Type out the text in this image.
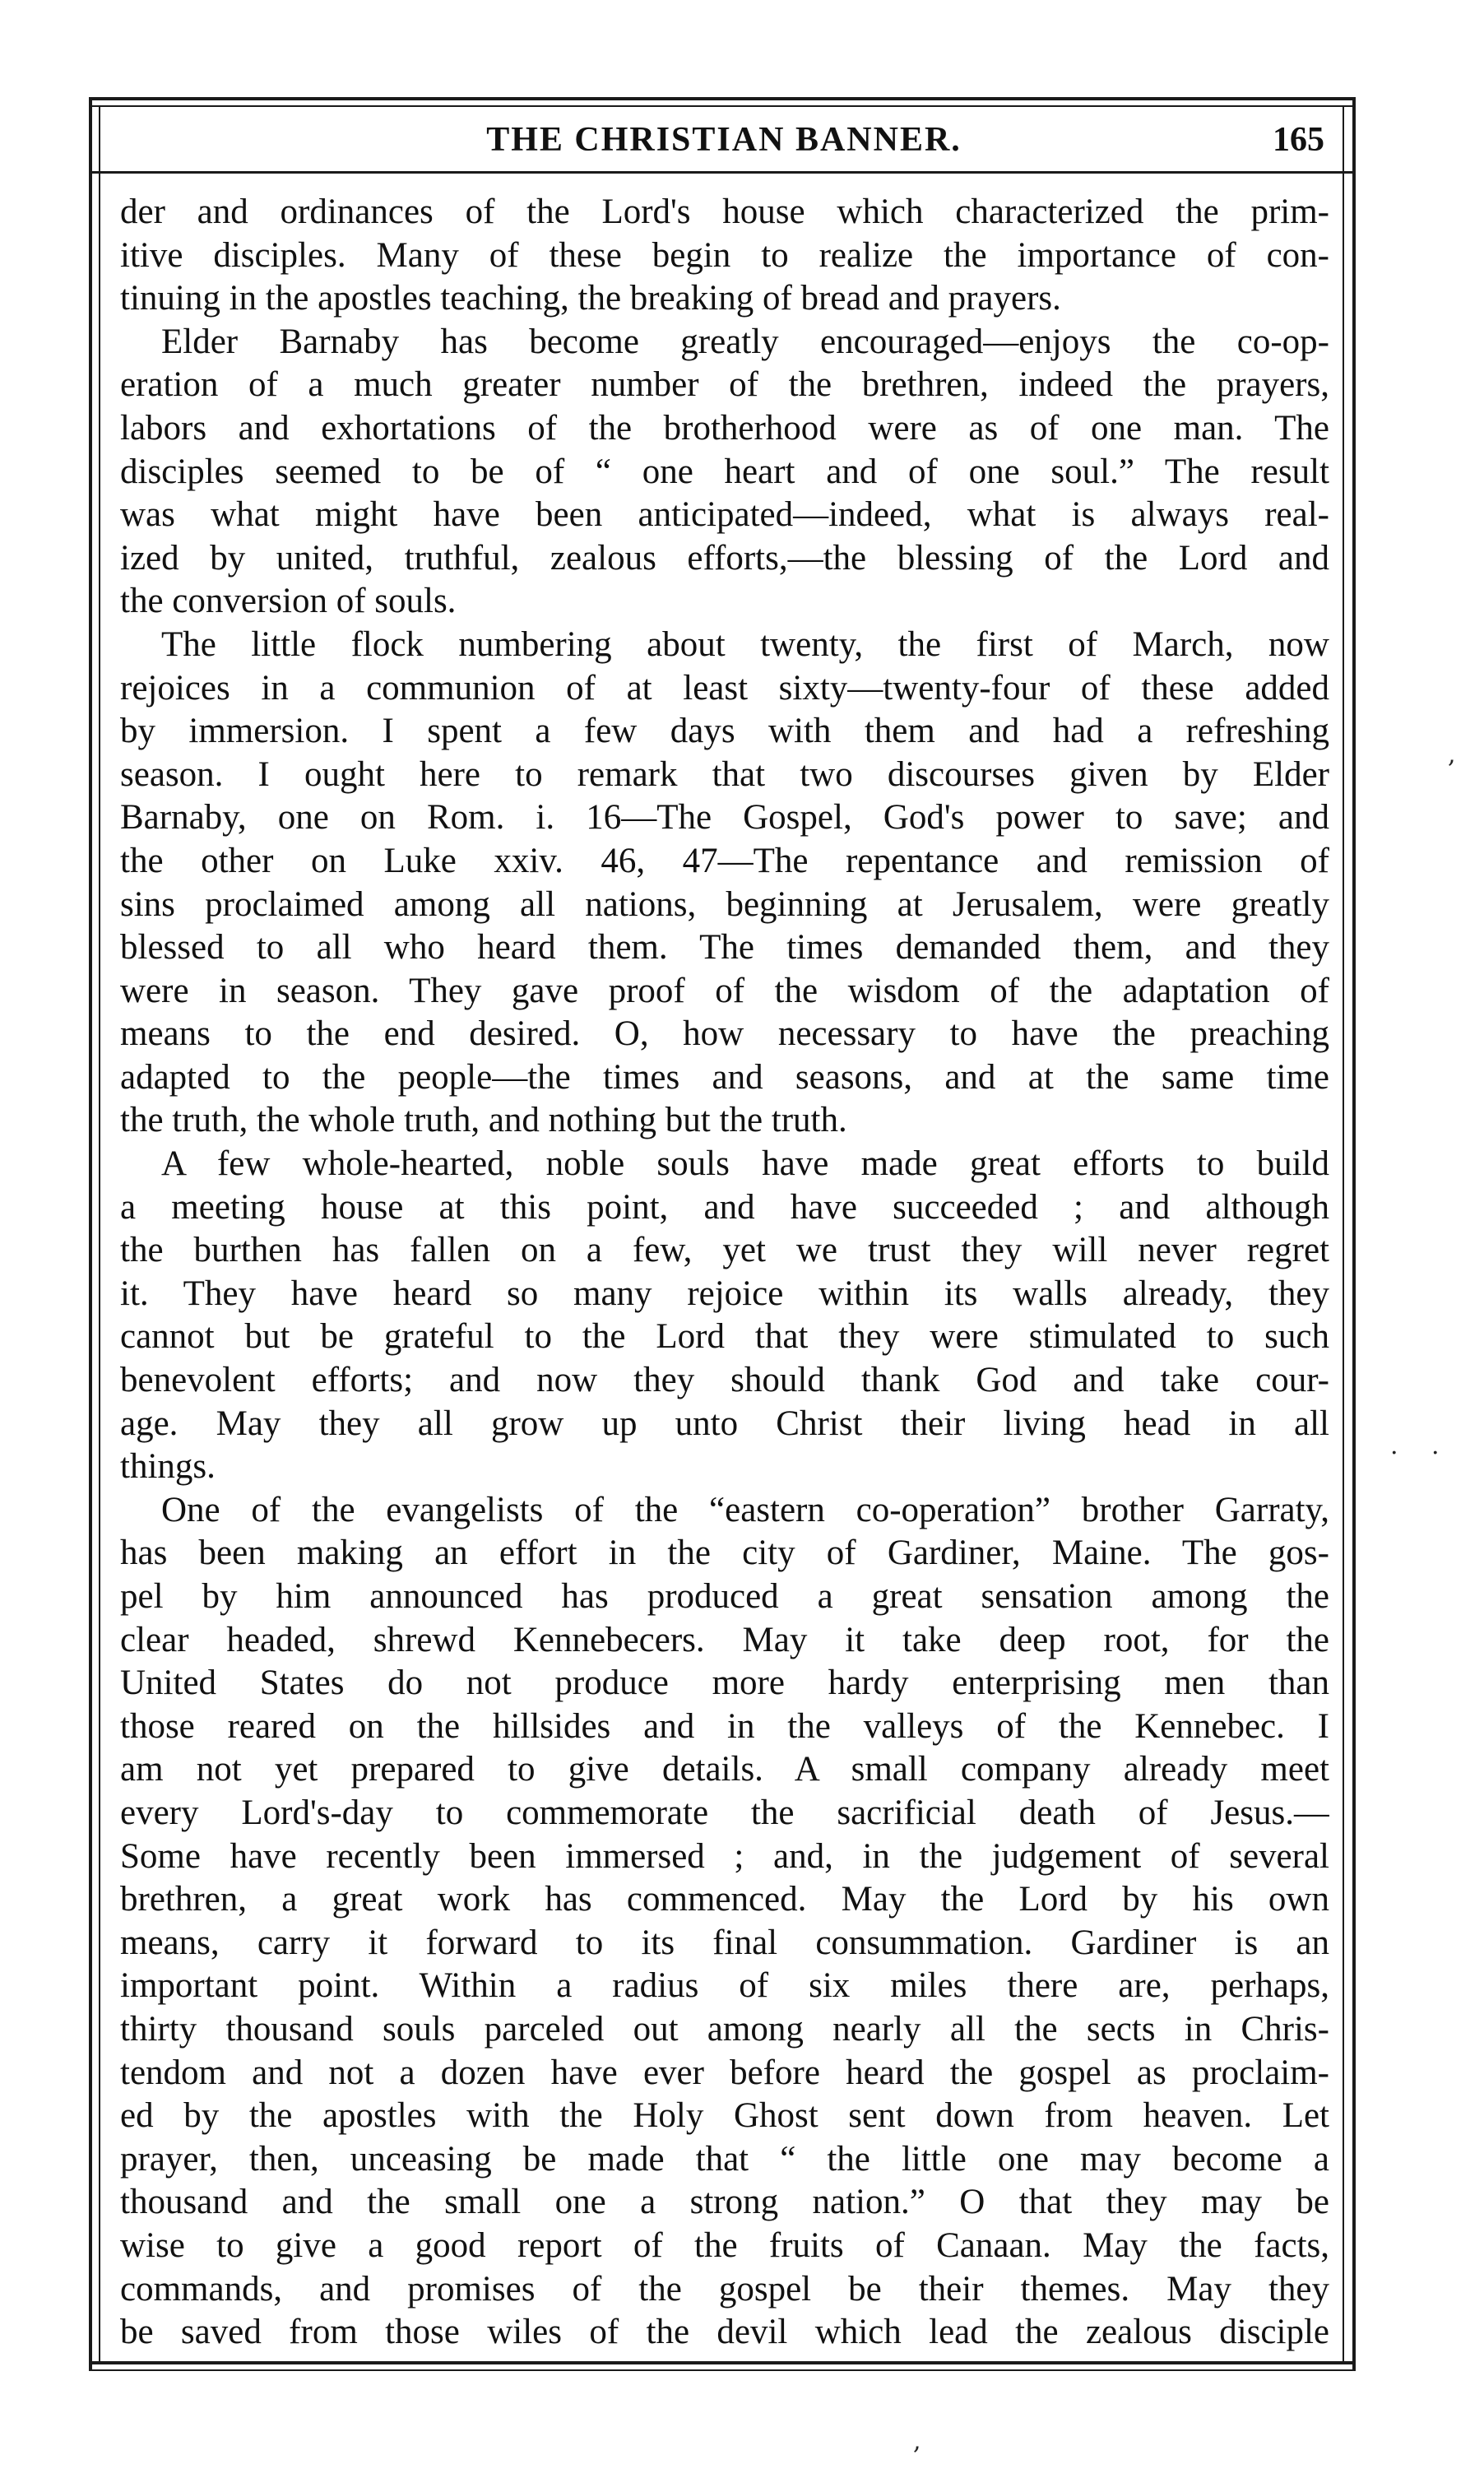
THE CHRISTIAN BANNER.	165
der and ordinances of the Lord's house which characterized the prim-
itive disciples. Many of these begin to realize the importance of con-
tinuing in the apostles teaching, the breaking of bread and prayers.
Elder Barnaby has become greatly encouraged—enjoys the co-op-
eration of a much greater number of the brethren, indeed the prayers,
labors and exhortations of the brotherhood were as of one man. The
disciples seemed to be of “ one heart and of one soul.” The result
was what might have been anticipated—indeed, what is always real-
ized by united, truthful, zealous efforts,—the blessing of the Lord and
the conversion of souls.
The little flock numbering about twenty, the first of March, now
rejoices in a communion of at least sixty—twenty-four of these added
by immersion. I spent a few days with them and had a refreshing
season. I ought here to remark that two discourses given by Elder
Barnaby, one on Rom. i. 16—The Gospel, God's power to save; and
the other on Luke xxiv. 46, 47—The repentance and remission of
sins proclaimed among all nations, beginning at Jerusalem, were greatly
blessed to all who heard them. The times demanded them, and they
were in season. They gave proof of the wisdom of the adaptation of
means to the end desired. O, how necessary to have the preaching
adapted to the people—the times and seasons, and at the same time
the truth, the whole truth, and nothing but the truth.
A few whole-hearted, noble souls have made great efforts to build
a meeting house at this point, and have succeeded ; and although
the burthen has fallen on a few, yet we trust they will never regret
it. They have heard so many rejoice within its walls already, they
cannot but be grateful to the Lord that they were stimulated to such
benevolent efforts; and now they should thank God and take cour-
age. May they all grow up unto Christ their living head in all
things.
One of the evangelists of the “eastern co-operation” brother Garraty,
has been making an effort in the city of Gardiner, Maine. The gos-
pel by him announced has produced a great sensation among the
clear headed, shrewd Kennebecers. May it take deep root, for the
United States do not produce more hardy enterprising men than
those reared on the hillsides and in the valleys of the Kennebec. I
am not yet prepared to give details. A small company already meet
every Lord's-day to commemorate the sacrificial death of Jesus.—
Some have recently been immersed ; and, in the judgement of several
brethren, a great work has commenced. May the Lord by his own
means, carry it forward to its final consummation. Gardiner is an
important point. Within a radius of six miles there are, perhaps,
thirty thousand souls parceled out among nearly all the sects in Chris-
tendom and not a dozen have ever before heard the gospel as proclaim-
ed by the apostles with the Holy Ghost sent down from heaven. Let
prayer, then, unceasing be made that “ the little one may become a
thousand and the small one a strong nation.” O that they may be
wise to give a good report of the fruits of Canaan. May the facts,
commands, and promises of the gospel be their themes. May they
be saved from those wiles of the devil which lead the zealous disciple
,
. .
,
